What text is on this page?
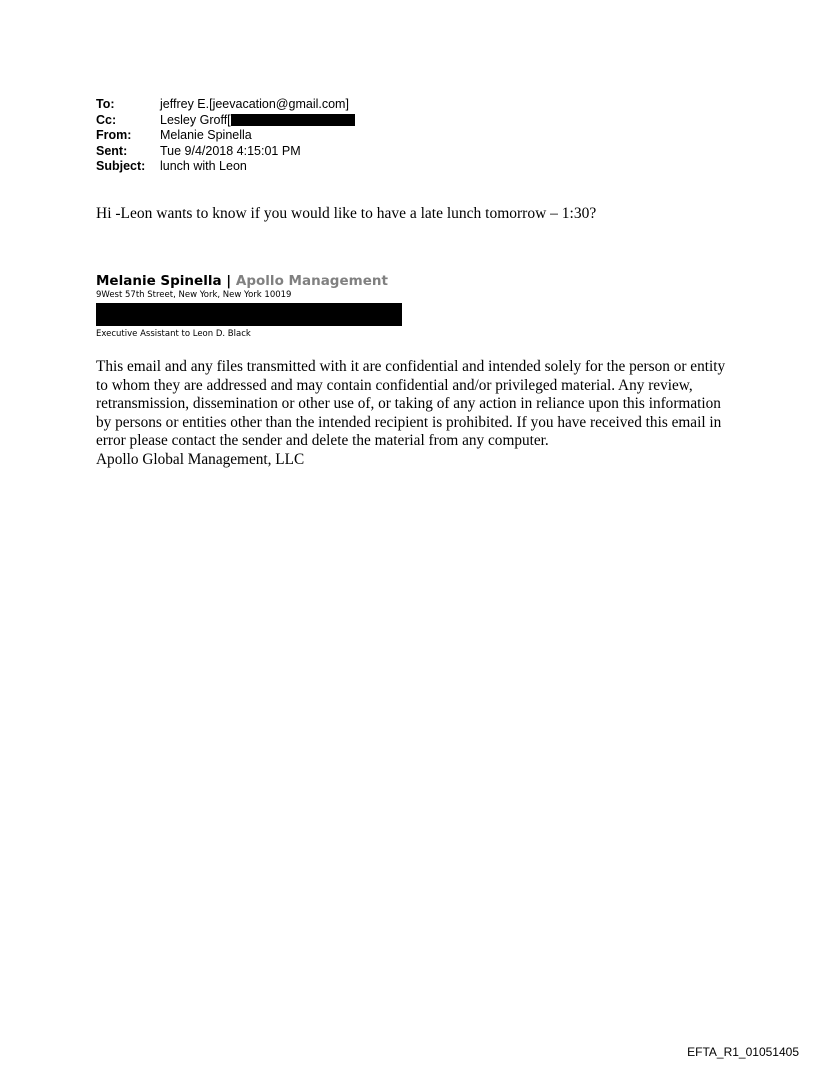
To:	jeffrey E.[jeevacation@gmail.com]
Cc:	Lesley Groff[
From:	Melanie Spinella
Sent:	Tue 9/4/2018 4:15:01 PM
Subject:	lunch with Leon
Hi -Leon wants to know if you would like to have a late lunch tomorrow – 1:30?
Melanie Spinella | Apollo Management
9West 57th Street, New York, New York 10019
Executive Assistant to Leon D. Black
This email and any files transmitted with it are confidential and intended solely for the person or entity to whom they are addressed and may contain confidential and/or privileged material. Any review, retransmission, dissemination or other use of, or taking of any action in reliance upon this information by persons or entities other than the intended recipient is prohibited. If you have received this email in error please contact the sender and delete the material from any computer.
Apollo Global Management, LLC
EFTA_R1_01051405
